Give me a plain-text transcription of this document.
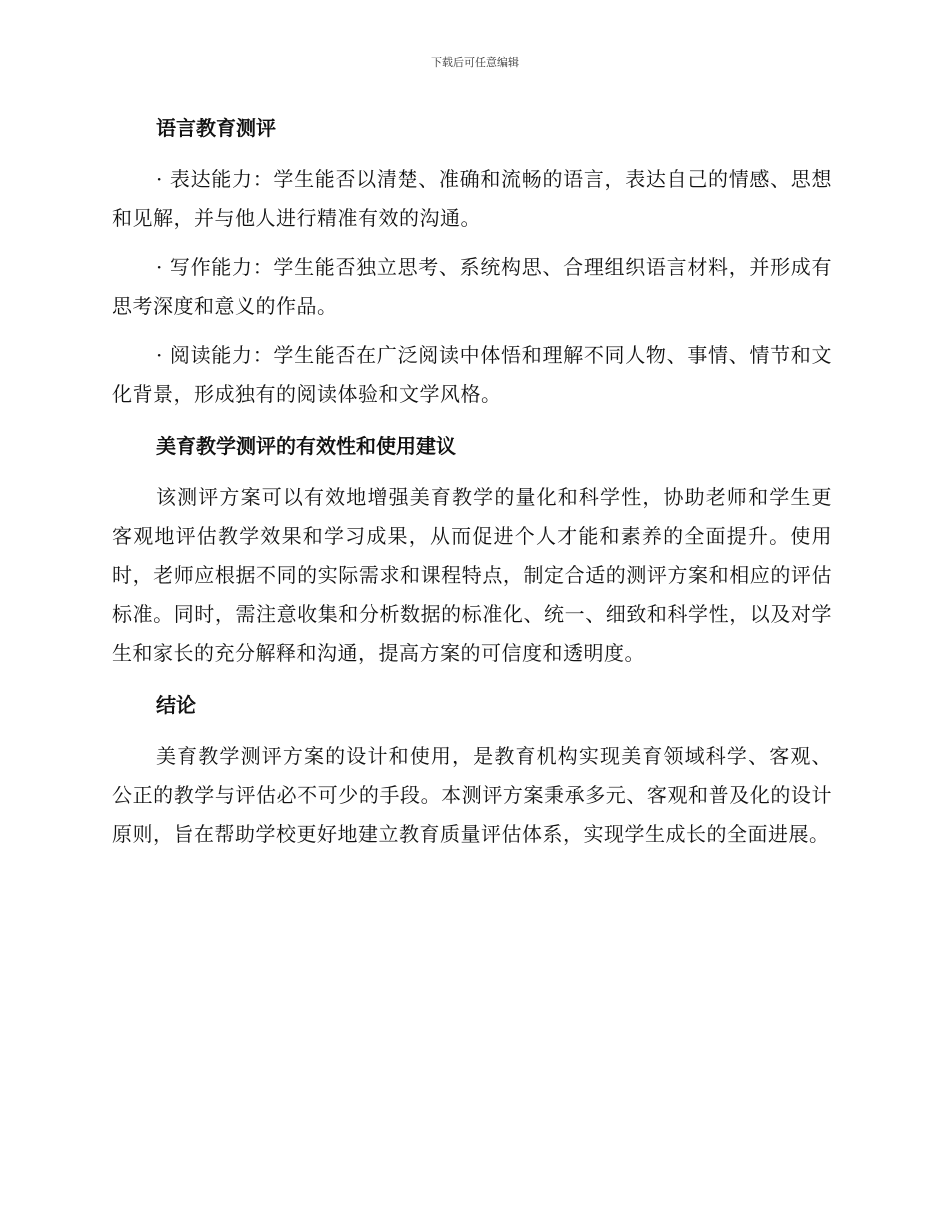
下载后可任意编辑
语言教育测评

· 表达能力：学生能否以清楚、准确和流畅的语言，表达自己的情感、思想和见解，并与他人进行精准有效的沟通。

· 写作能力：学生能否独立思考、系统构思、合理组织语言材料，并形成有思考深度和意义的作品。

· 阅读能力：学生能否在广泛阅读中体悟和理解不同人物、事情、情节和文化背景，形成独有的阅读体验和文学风格。

美育教学测评的有效性和使用建议

该测评方案可以有效地增强美育教学的量化和科学性，协助老师和学生更客观地评估教学效果和学习成果，从而促进个人才能和素养的全面提升。使用时，老师应根据不同的实际需求和课程特点，制定合适的测评方案和相应的评估标准。同时，需注意收集和分析数据的标准化、统一、细致和科学性，以及对学生和家长的充分解释和沟通，提高方案的可信度和透明度。

结论

美育教学测评方案的设计和使用，是教育机构实现美育领域科学、客观、公正的教学与评估必不可少的手段。本测评方案秉承多元、客观和普及化的设计原则，旨在帮助学校更好地建立教育质量评估体系，实现学生成长的全面进展。
